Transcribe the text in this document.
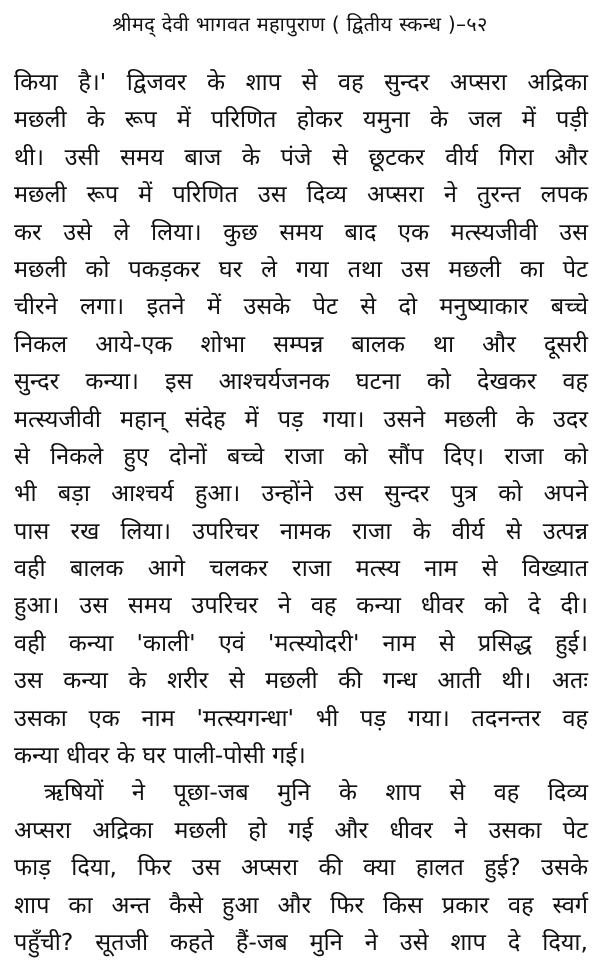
श्रीमद् देवी भागवत महापुराण ( द्वितीय स्कन्ध )–५२
किया है।' द्विजवर के शाप से वह सुन्दर अप्सरा अद्रिका
मछली के रूप में परिणित होकर यमुना के जल में पड़ी
थी। उसी समय बाज के पंजे से छूटकर वीर्य गिरा और
मछली रूप में परिणित उस दिव्य अप्सरा ने तुरन्त लपक
कर उसे ले लिया। कुछ समय बाद एक मत्स्यजीवी उस
मछली को पकड़कर घर ले गया तथा उस मछली का पेट
चीरने लगा। इतने में उसके पेट से दो मनुष्याकार बच्चे
निकल आये-एक शोभा सम्पन्न बालक था और दूसरी
सुन्दर कन्या। इस आश्चर्यजनक घटना को देखकर वह
मत्स्यजीवी महान् संदेह में पड़ गया। उसने मछली के उदर
से निकले हुए दोनों बच्चे राजा को सौंप दिए। राजा को
भी बड़ा आश्चर्य हुआ। उन्होंने उस सुन्दर पुत्र को अपने
पास रख लिया। उपरिचर नामक राजा के वीर्य से उत्पन्न
वही बालक आगे चलकर राजा मत्स्य नाम से विख्यात
हुआ। उस समय उपरिचर ने वह कन्या धीवर को दे दी।
वही कन्या 'काली' एवं 'मत्स्योदरी' नाम से प्रसिद्ध हुई।
उस कन्या के शरीर से मछली की गन्ध आती थी। अतः
उसका एक नाम 'मत्स्यगन्धा' भी पड़ गया। तदनन्तर वह
कन्या धीवर के घर पाली-पोसी गई।
ऋषियों ने पूछा-जब मुनि के शाप से वह दिव्य
अप्सरा अद्रिका मछली हो गई और धीवर ने उसका पेट
फाड़ दिया, फिर उस अप्सरा की क्या हालत हुई? उसके
शाप का अन्त कैसे हुआ और फिर किस प्रकार वह स्वर्ग
पहुँची? सूतजी कहते हैं-जब मुनि ने उसे शाप दे दिया,
